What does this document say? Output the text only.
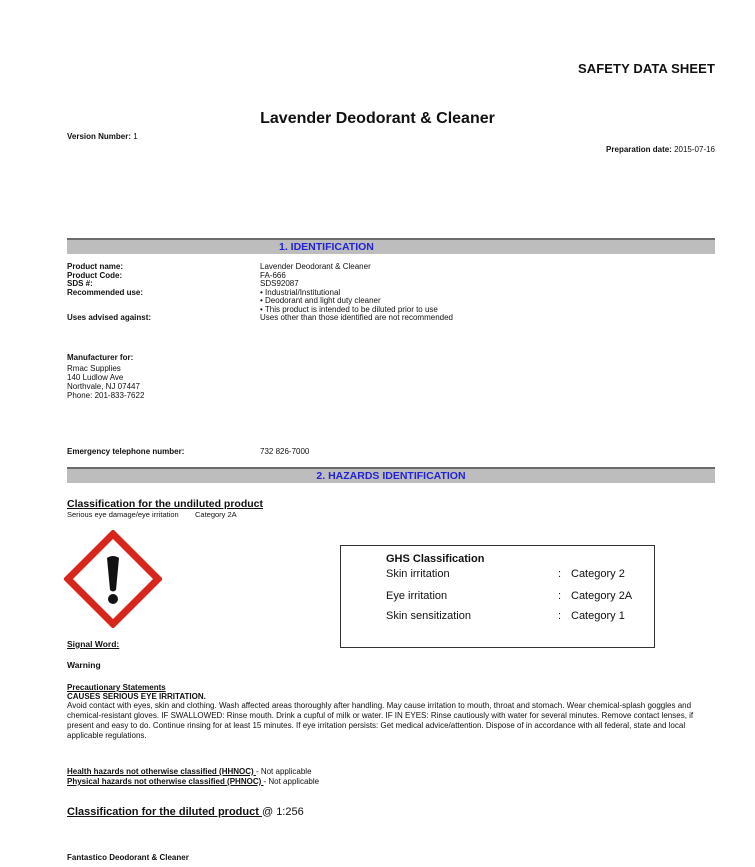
SAFETY DATA SHEET
Lavender Deodorant & Cleaner
Version Number: 1
Preparation date: 2015-07-16
1. IDENTIFICATION
Product name:	Lavender Deodorant & Cleaner
Product Code:	FA-666
SDS #:	SDS92087
Recommended use:	• Industrial/Institutional
• Deodorant and light duty cleaner
• This product is intended to be diluted prior to use
Uses advised against:	Uses other than those identified are not recommended
Manufacturer for:
Rmac Supplies
140 Ludlow Ave
Northvale, NJ 07447
Phone: 201-833-7622
Emergency telephone number:	732 826-7000
2. HAZARDS IDENTIFICATION
Classification for the undiluted product
Serious eye damage/eye irritation Category 2A
GHS Classification
Skin irritation	: Category 2
Eye irritation	: Category 2A
Skin sensitization	: Category 1
Signal Word:
Warning
Precautionary Statements
CAUSES SERIOUS EYE IRRITATION.
Avoid contact with eyes, skin and clothing. Wash affected areas thoroughly after handling. May cause irritation to mouth, throat and stomach. Wear chemical-splash goggles and chemical-resistant gloves. IF SWALLOWED: Rinse mouth. Drink a cupful of milk or water. IF IN EYES: Rinse cautiously with water for several minutes. Remove contact lenses, if present and easy to do. Continue rinsing for at least 15 minutes. If eye irritation persists: Get medical advice/attention. Dispose of in accordance with all federal, state and local applicable regulations.
Health hazards not otherwise classified (HHNOC) - Not applicable
Physical hazards not otherwise classified (PHNOC) - Not applicable
Classification for the diluted product @ 1:256
Fantastico Deodorant & Cleaner
